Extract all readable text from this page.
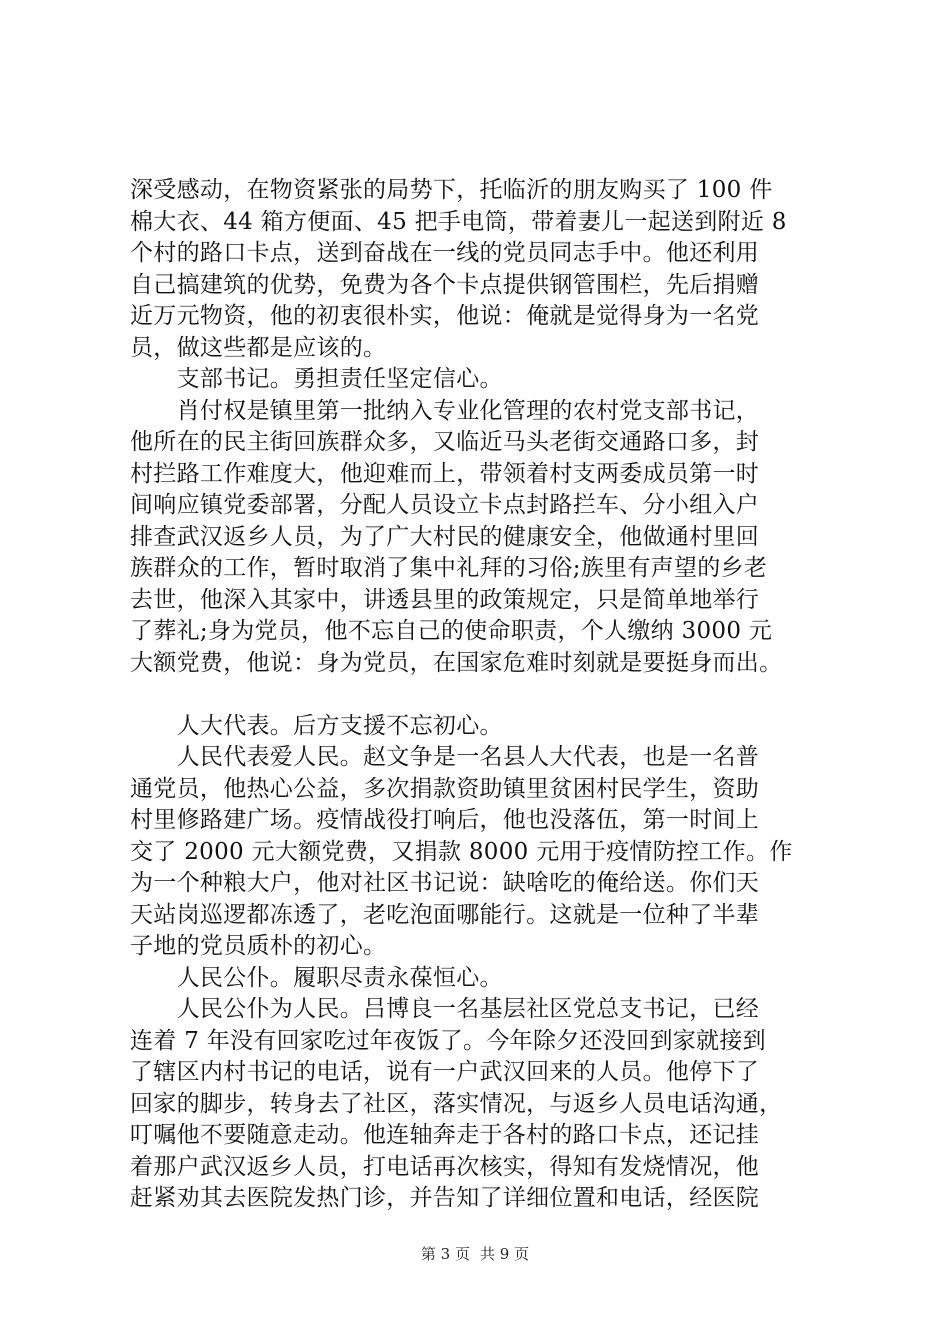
深受感动，在物资紧张的局势下，托临沂的朋友购买了 100 件
棉大衣、44 箱方便面、45 把手电筒，带着妻儿一起送到附近 8
个村的路口卡点，送到奋战在一线的党员同志手中。他还利用
自己搞建筑的优势，免费为各个卡点提供钢管围栏，先后捐赠
近万元物资，他的初衷很朴实，他说：俺就是觉得身为一名党
员，做这些都是应该的。
　　支部书记。勇担责任坚定信心。
　　肖付权是镇里第一批纳入专业化管理的农村党支部书记，
他所在的民主街回族群众多，又临近马头老街交通路口多，封
村拦路工作难度大，他迎难而上，带领着村支两委成员第一时
间响应镇党委部署，分配人员设立卡点封路拦车、分小组入户
排查武汉返乡人员，为了广大村民的健康安全，他做通村里回
族群众的工作，暂时取消了集中礼拜的习俗;族里有声望的乡老
去世，他深入其家中，讲透县里的政策规定，只是简单地举行
了葬礼;身为党员，他不忘自己的使命职责，个人缴纳 3000 元
大额党费，他说：身为党员，在国家危难时刻就是要挺身而出。
　　人大代表。后方支援不忘初心。
　　人民代表爱人民。赵文争是一名县人大代表，也是一名普
通党员，他热心公益，多次捐款资助镇里贫困村民学生，资助
村里修路建广场。疫情战役打响后，他也没落伍，第一时间上
交了 2000 元大额党费，又捐款 8000 元用于疫情防控工作。作
为一个种粮大户，他对社区书记说：缺啥吃的俺给送。你们天
天站岗巡逻都冻透了，老吃泡面哪能行。这就是一位种了半辈
子地的党员质朴的初心。
　　人民公仆。履职尽责永葆恒心。
　　人民公仆为人民。吕博良一名基层社区党总支书记，已经
连着 7 年没有回家吃过年夜饭了。今年除夕还没回到家就接到
了辖区内村书记的电话，说有一户武汉回来的人员。他停下了
回家的脚步，转身去了社区，落实情况，与返乡人员电话沟通，
叮嘱他不要随意走动。他连轴奔走于各村的路口卡点，还记挂
着那户武汉返乡人员，打电话再次核实，得知有发烧情况，他
赶紧劝其去医院发热门诊，并告知了详细位置和电话，经医院
第 3 页 共 9 页
